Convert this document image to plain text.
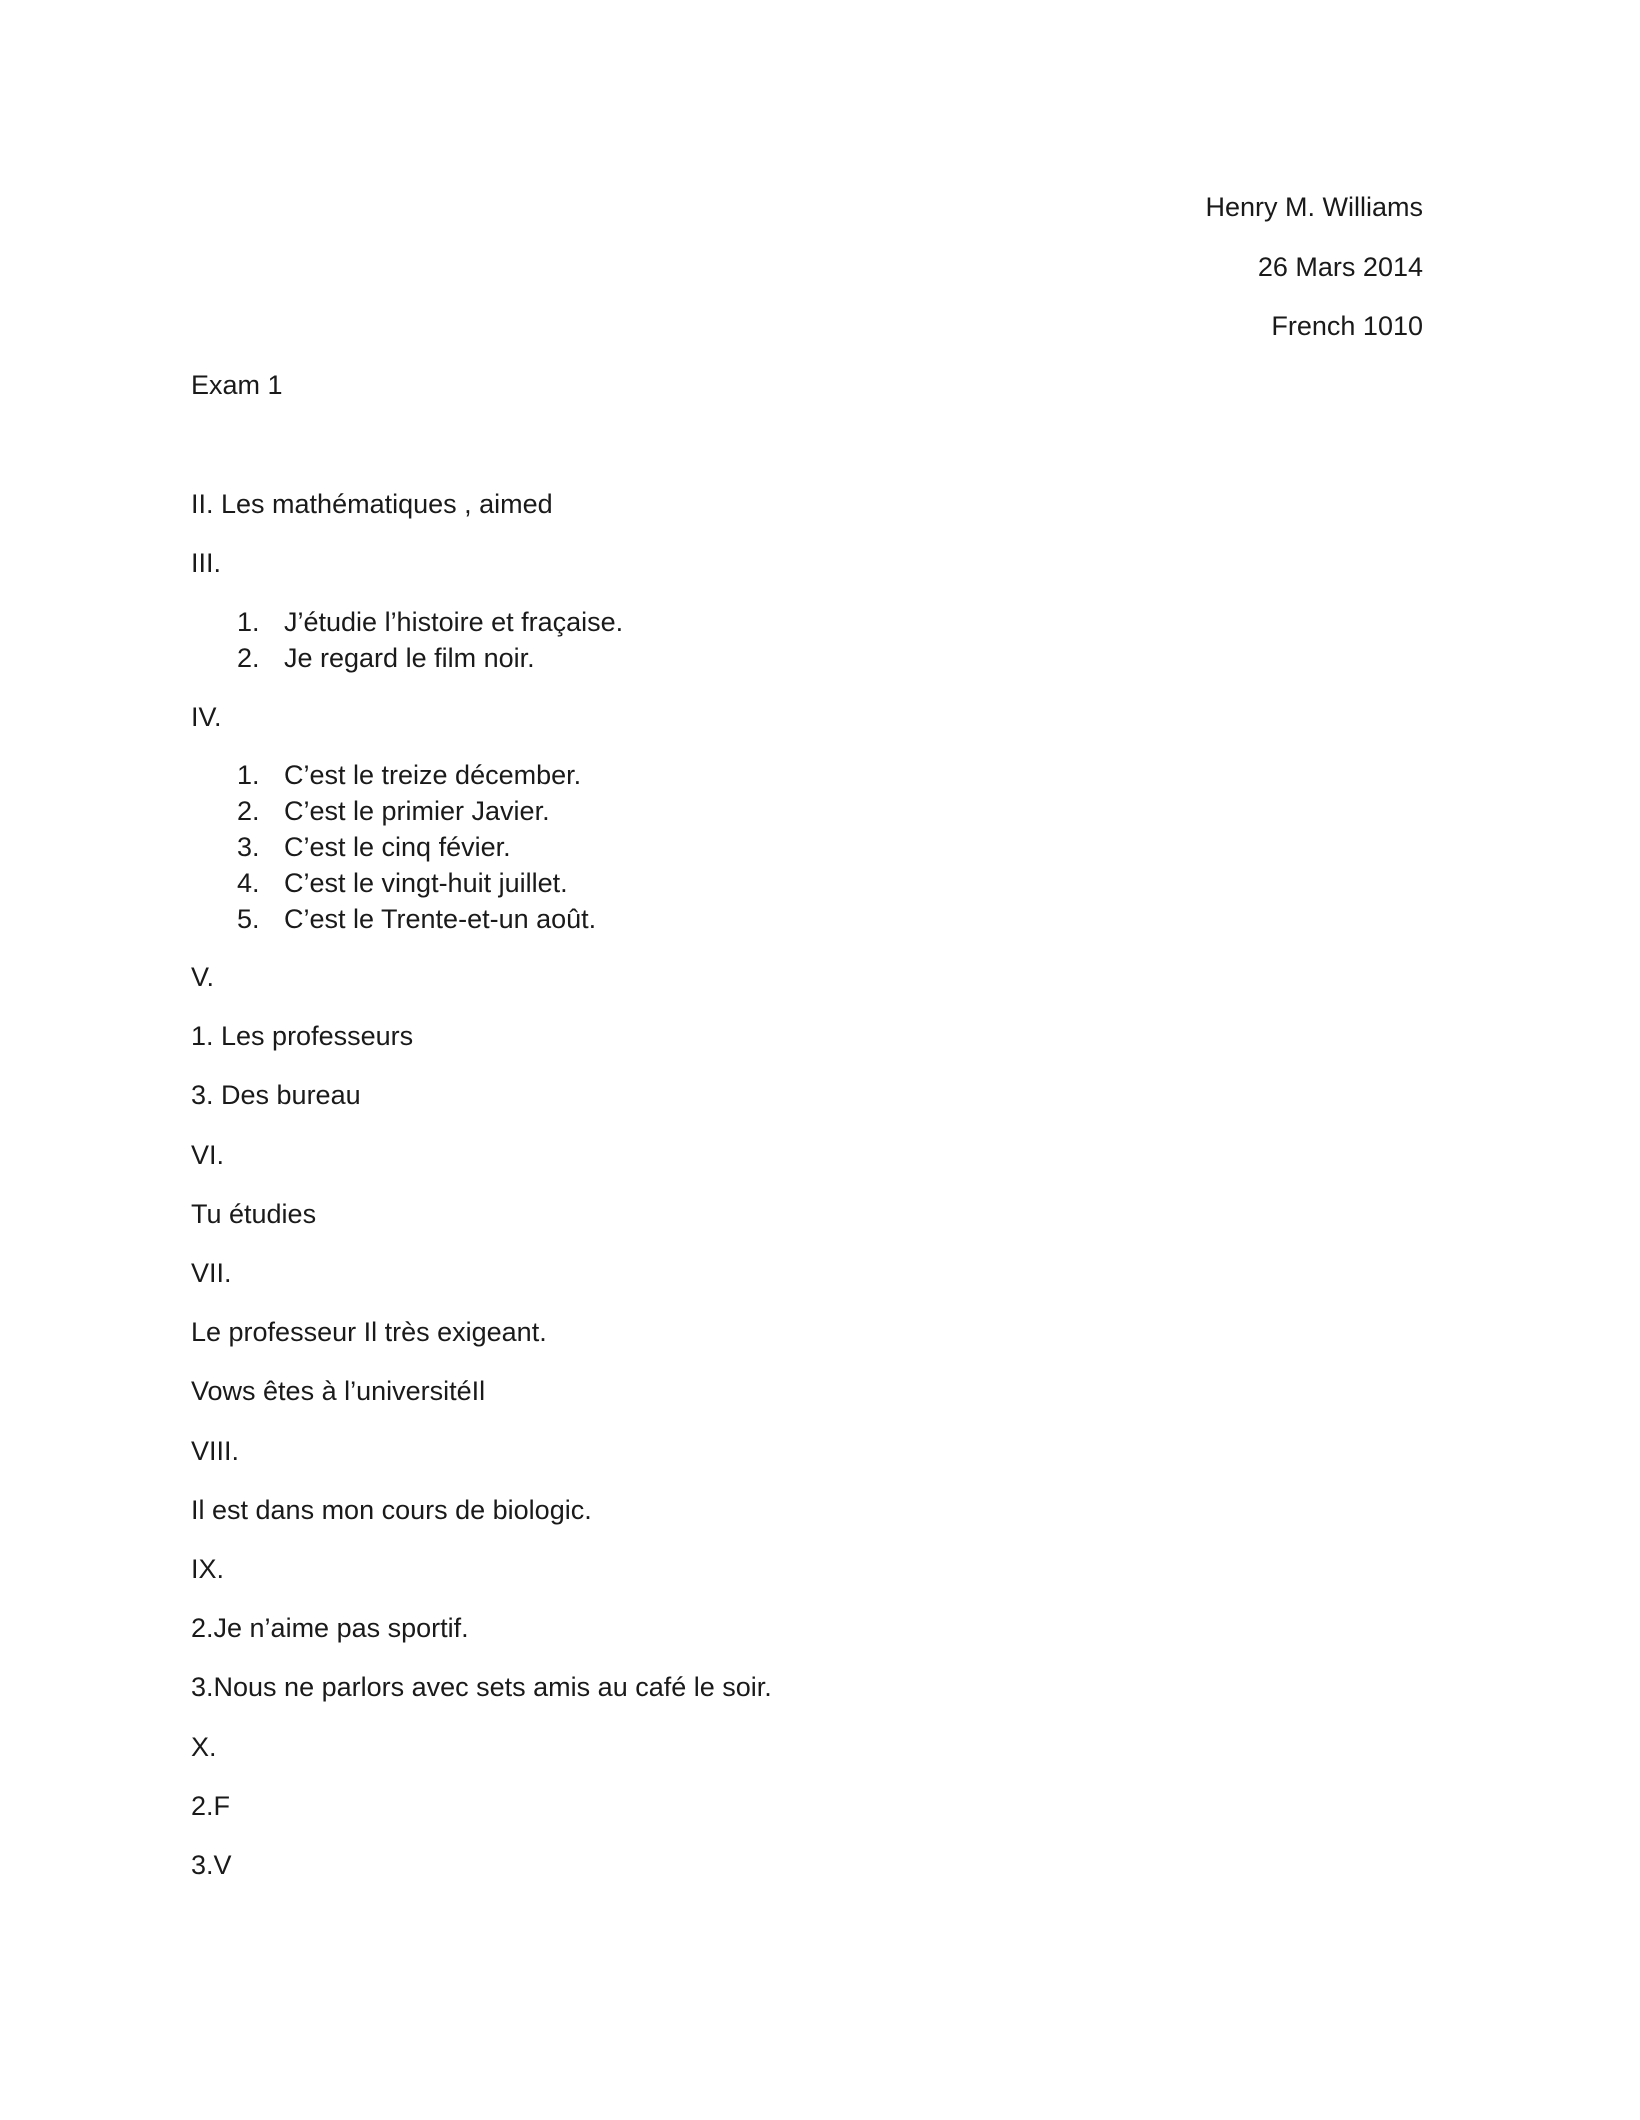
Henry M. Williams
26 Mars 2014
French 1010
Exam 1
II. Les mathématiques , aimed
III.
1. J’étudie l’histoire et fraçaise.
2. Je regard le film noir.
IV.
1. C’est le treize décember.
2. C’est le primier Javier.
3. C’est le cinq févier.
4. C’est le vingt-huit juillet.
5. C’est le Trente-et-un août.
V.
1. Les professeurs
3. Des bureau
VI.
Tu étudies
VII.
Le professeur Il très exigeant.
Vows êtes à l’universitéIl
VIII.
Il est dans mon cours de biologic.
IX.
2.Je n’aime pas sportif.
3.Nous ne parlors avec sets amis au café le soir.
X.
2.F
3.V
